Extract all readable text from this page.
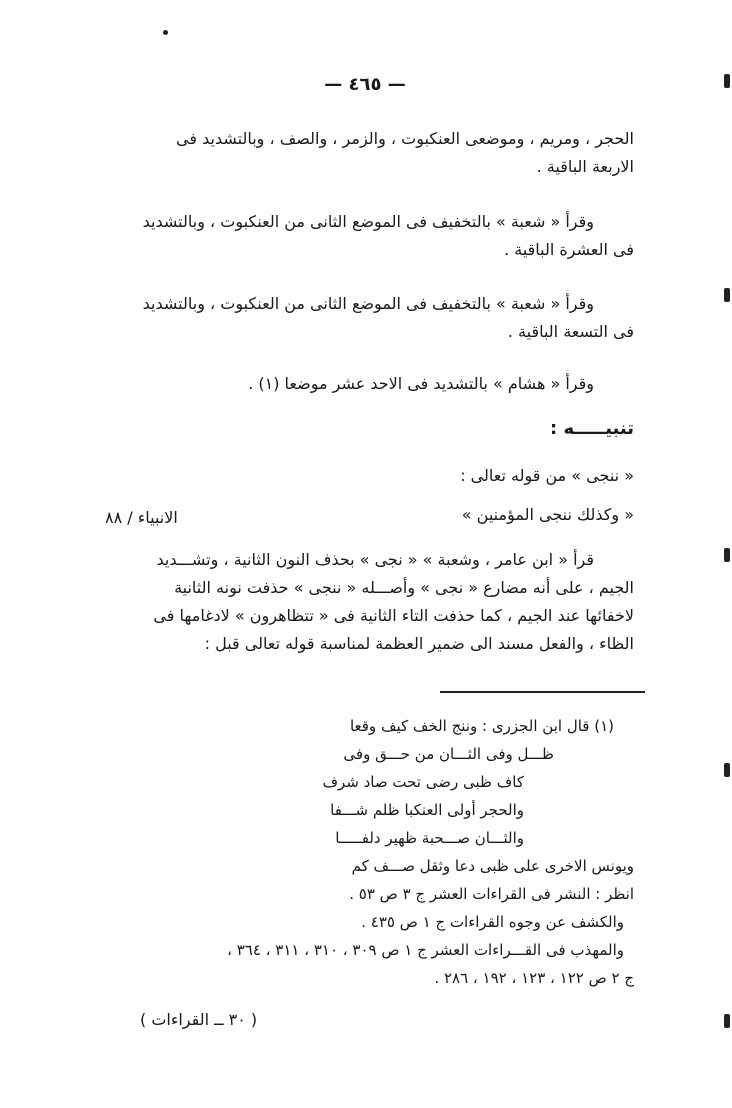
— ٤٦٥ —
الحجر ، ومريم ، وموضعى العنكبوت ، والزمر ، والصف ، وبالتشديد فى
الاربعة الباقية .
وقرأ « شعبة » بالتخفيف فى الموضع الثانى من العنكبوت ، وبالتشديد
فى العشرة الباقية .
وقرأ « شعبة » بالتخفيف فى الموضع الثانى من العنكبوت ، وبالتشديد
فى التسعة الباقية .
وقرأ « هشام » بالتشديد فى الاحد عشر موضعا (١) .
تنبيـــــه :
« ننجى » من قوله تعالى :
« وكذلك ننجى المؤمنين »
الانبياء / ٨٨
قرأ « ابن عامر ، وشعبة » « نجى » بحذف النون الثانية ، وتشـــديد
الجيم ، على أنه مضارع « نجى » وأصـــله « ننجى » حذفت نونه الثانية
لاخفائها عند الجيم ، كما حذفت التاء الثانية فى « تتظاهرون » لادغامها فى
الظاء ، والفعل مسند الى ضمير العظمة لمناسبة قوله تعالى قبل :
(١) قال ابن الجزرى : وننج الخف كيف وقعا
ظـــل وفى الثـــان من حـــق وفى
كاف ظبى رضى تحت صاد شرف
والحجر أولى العنكبا ظلم شـــفا
والثـــان صـــحبة ظهير دلفـــــا
ويونس الاخرى على ظبى دعا وثقل صـــف كم
انظر : النشر فى القراءات العشر ج ٣ ص ٥٣ .
والكشف عن وجوه القراءات ج ١ ص ٤٣٥ .
والمهذب فى القـــراءات العشر ج ١ ص ٣٠٩ ، ٣١٠ ، ٣١١ ، ٣٦٤ ،
ج ٢ ص ١٢٢ ، ١٢٣ ، ١٩٢ ، ٢٨٦ .
( ٣٠ ــ القراءات )
